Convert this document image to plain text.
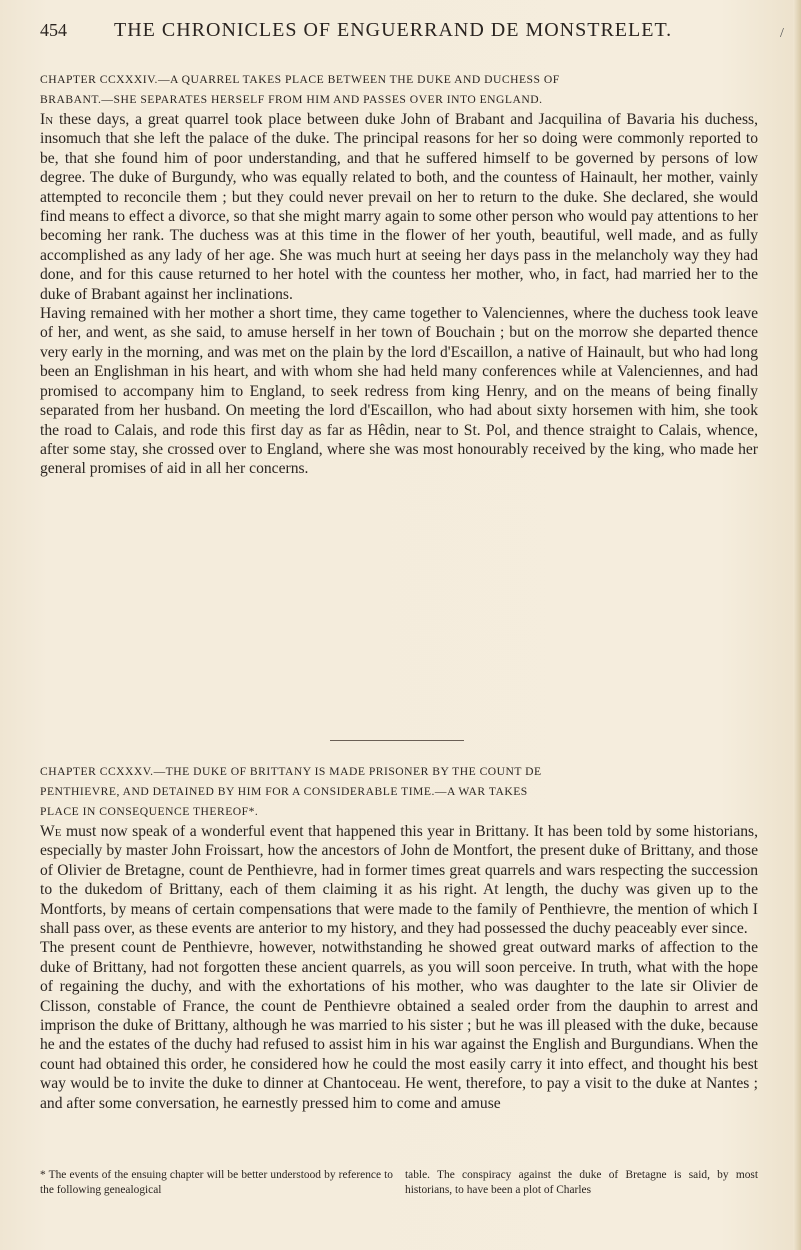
454 THE CHRONICLES OF ENGUERRAND DE MONSTRELET.	/
CHAPTER CCXXXIV.—A QUARREL TAKES PLACE BETWEEN THE DUKE AND DUCHESS OF
BRABANT.—SHE SEPARATES HERSELF FROM HIM AND PASSES OVER INTO ENGLAND.

In these days, a great quarrel took place between duke John of Brabant and Jacquilina of Bavaria his duchess, insomuch that she left the palace of the duke. The principal reasons for her so doing were commonly reported to be, that she found him of poor understanding, and that he suffered himself to be governed by persons of low degree. The duke of Burgundy, who was equally related to both, and the countess of Hainault, her mother, vainly attempted to reconcile them ; but they could never prevail on her to return to the duke. She declared, she would find means to effect a divorce, so that she might marry again to some other person who would pay attentions to her becoming her rank. The duchess was at this time in the flower of her youth, beautiful, well made, and as fully accomplished as any lady of her age. She was much hurt at seeing her days pass in the melancholy way they had done, and for this cause returned to her hotel with the countess her mother, who, in fact, had married her to the duke of Brabant against her inclinations.

Having remained with her mother a short time, they came together to Valenciennes, where the duchess took leave of her, and went, as she said, to amuse herself in her town of Bouchain ; but on the morrow she departed thence very early in the morning, and was met on the plain by the lord d'Escaillon, a native of Hainault, but who had long been an Englishman in his heart, and with whom she had held many conferences while at Valenciennes, and had promised to accompany him to England, to seek redress from king Henry, and on the means of being finally separated from her husband. On meeting the lord d'Escaillon, who had about sixty horsemen with him, she took the road to Calais, and rode this first day as far as Hêdin, near to St. Pol, and thence straight to Calais, whence, after some stay, she crossed over to England, where she was most honourably received by the king, who made her general promises of aid in all her concerns.

CHAPTER CCXXXV.—THE DUKE OF BRITTANY IS MADE PRISONER BY THE COUNT DE
PENTHIEVRE, AND DETAINED BY HIM FOR A CONSIDERABLE TIME.—A WAR TAKES
PLACE IN CONSEQUENCE THEREOF*.

We must now speak of a wonderful event that happened this year in Brittany. It has been told by some historians, especially by master John Froissart, how the ancestors of John de Montfort, the present duke of Brittany, and those of Olivier de Bretagne, count de Penthievre, had in former times great quarrels and wars respecting the succession to the dukedom of Brittany, each of them claiming it as his right. At length, the duchy was given up to the Montforts, by means of certain compensations that were made to the family of Penthievre, the mention of which I shall pass over, as these events are anterior to my history, and they had possessed the duchy peaceably ever since.

The present count de Penthievre, however, notwithstanding he showed great outward marks of affection to the duke of Brittany, had not forgotten these ancient quarrels, as you will soon perceive. In truth, what with the hope of regaining the duchy, and with the exhortations of his mother, who was daughter to the late sir Olivier de Clisson, constable of France, the count de Penthievre obtained a sealed order from the dauphin to arrest and imprison the duke of Brittany, although he was married to his sister ; but he was ill pleased with the duke, because he and the estates of the duchy had refused to assist him in his war against the English and Burgundians. When the count had obtained this order, he considered how he could the most easily carry it into effect, and thought his best way would be to invite the duke to dinner at Chantoceau. He went, therefore, to pay a visit to the duke at Nantes ; and after some conversation, he earnestly pressed him to come and amuse

* The events of the ensuing chapter will be better understood by reference to the following genealogical
table. The conspiracy against the duke of Bretagne is said, by most historians, to have been a plot of Charles
